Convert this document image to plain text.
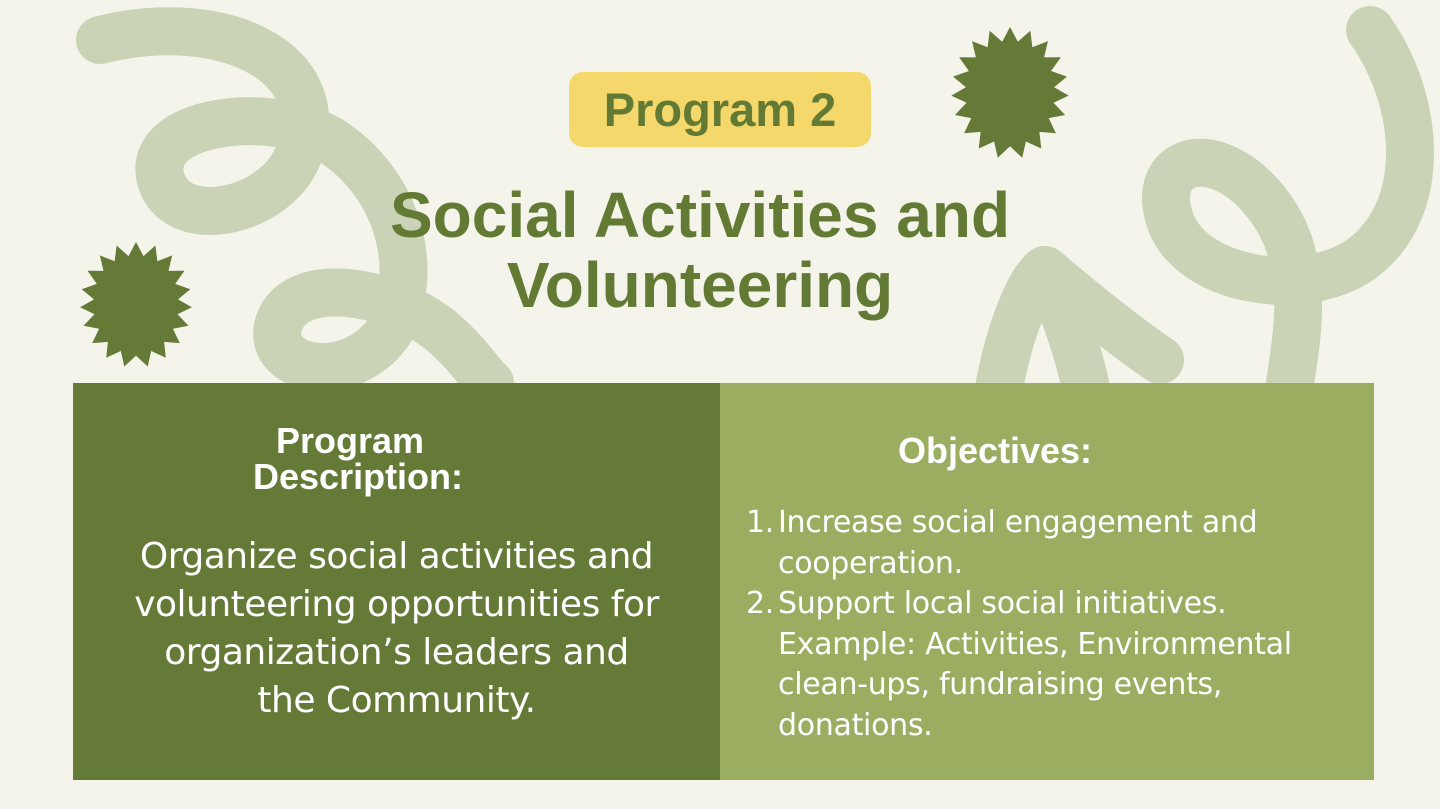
Program 2
Social Activities and
Volunteering
Program
Description:

Organize social activities and
volunteering opportunities for
organization’s leaders and
the Community.

Objectives:
1. Increase social engagement and
cooperation.
2. Support local social initiatives.
Example: Activities, Environmental
clean-ups, fundraising events,
donations.
